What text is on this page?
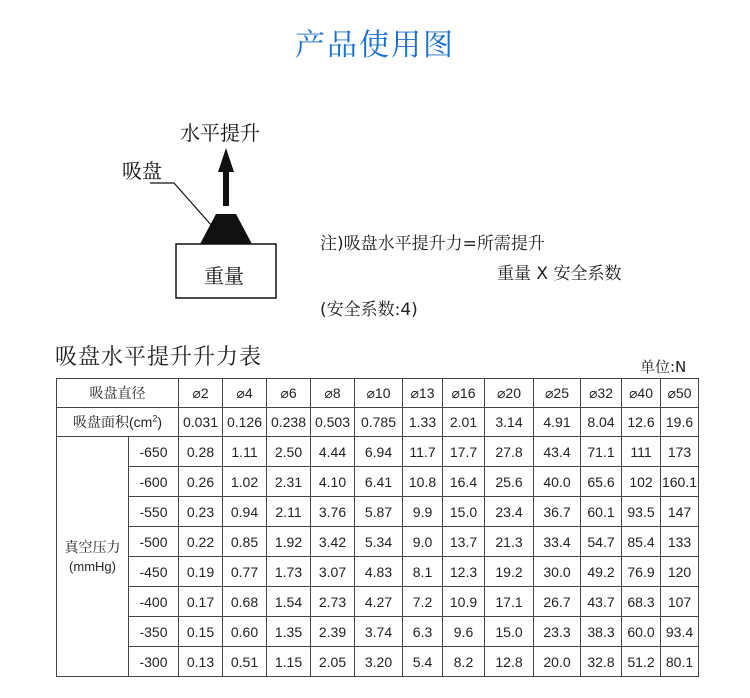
产品使用图
水平提升
吸盘
重量
注)吸盘水平提升力=所需提升
重量 X 安全系数
(安全系数:4)
吸盘水平提升升力表	单位:N
吸盘直径		⌀2	⌀4	⌀6	⌀8	⌀10	⌀13	⌀16	⌀20	⌀25	⌀32	⌀40	⌀50
吸盘面积$(cm^2)$		0.031	0.126	0.238	0.503	0.785	1.33	2.01	3.14	4.91	8.04	12.6	19.6

真空压力
(mmHg)	-650	0.28	1.11	2.50	4.44	6.94	11.7	17.7	27.8	43.4	71.1	111	173
	-600	0.26	1.02	2.31	4.10	6.41	10.8	16.4	25.6	40.0	65.6	102	160.1
	-550	0.23	0.94	2.11	3.76	5.87	9.9	15.0	23.4	36.7	60.1	93.5	147
	-500	0.22	0.85	1.92	3.42	5.34	9.0	13.7	21.3	33.4	54.7	85.4	133
	-450	0.19	0.77	1.73	3.07	4.83	8.1	12.3	19.2	30.0	49.2	76.9	120
	-400	0.17	0.68	1.54	2.73	4.27	7.2	10.9	17.1	26.7	43.7	68.3	107
	-350	0.15	0.60	1.35	2.39	3.74	6.3	9.6	15.0	23.3	38.3	60.0	93.4
	-300	0.13	0.51	1.15	2.05	3.20	5.4	8.2	12.8	20.0	32.8	51.2	80.1
